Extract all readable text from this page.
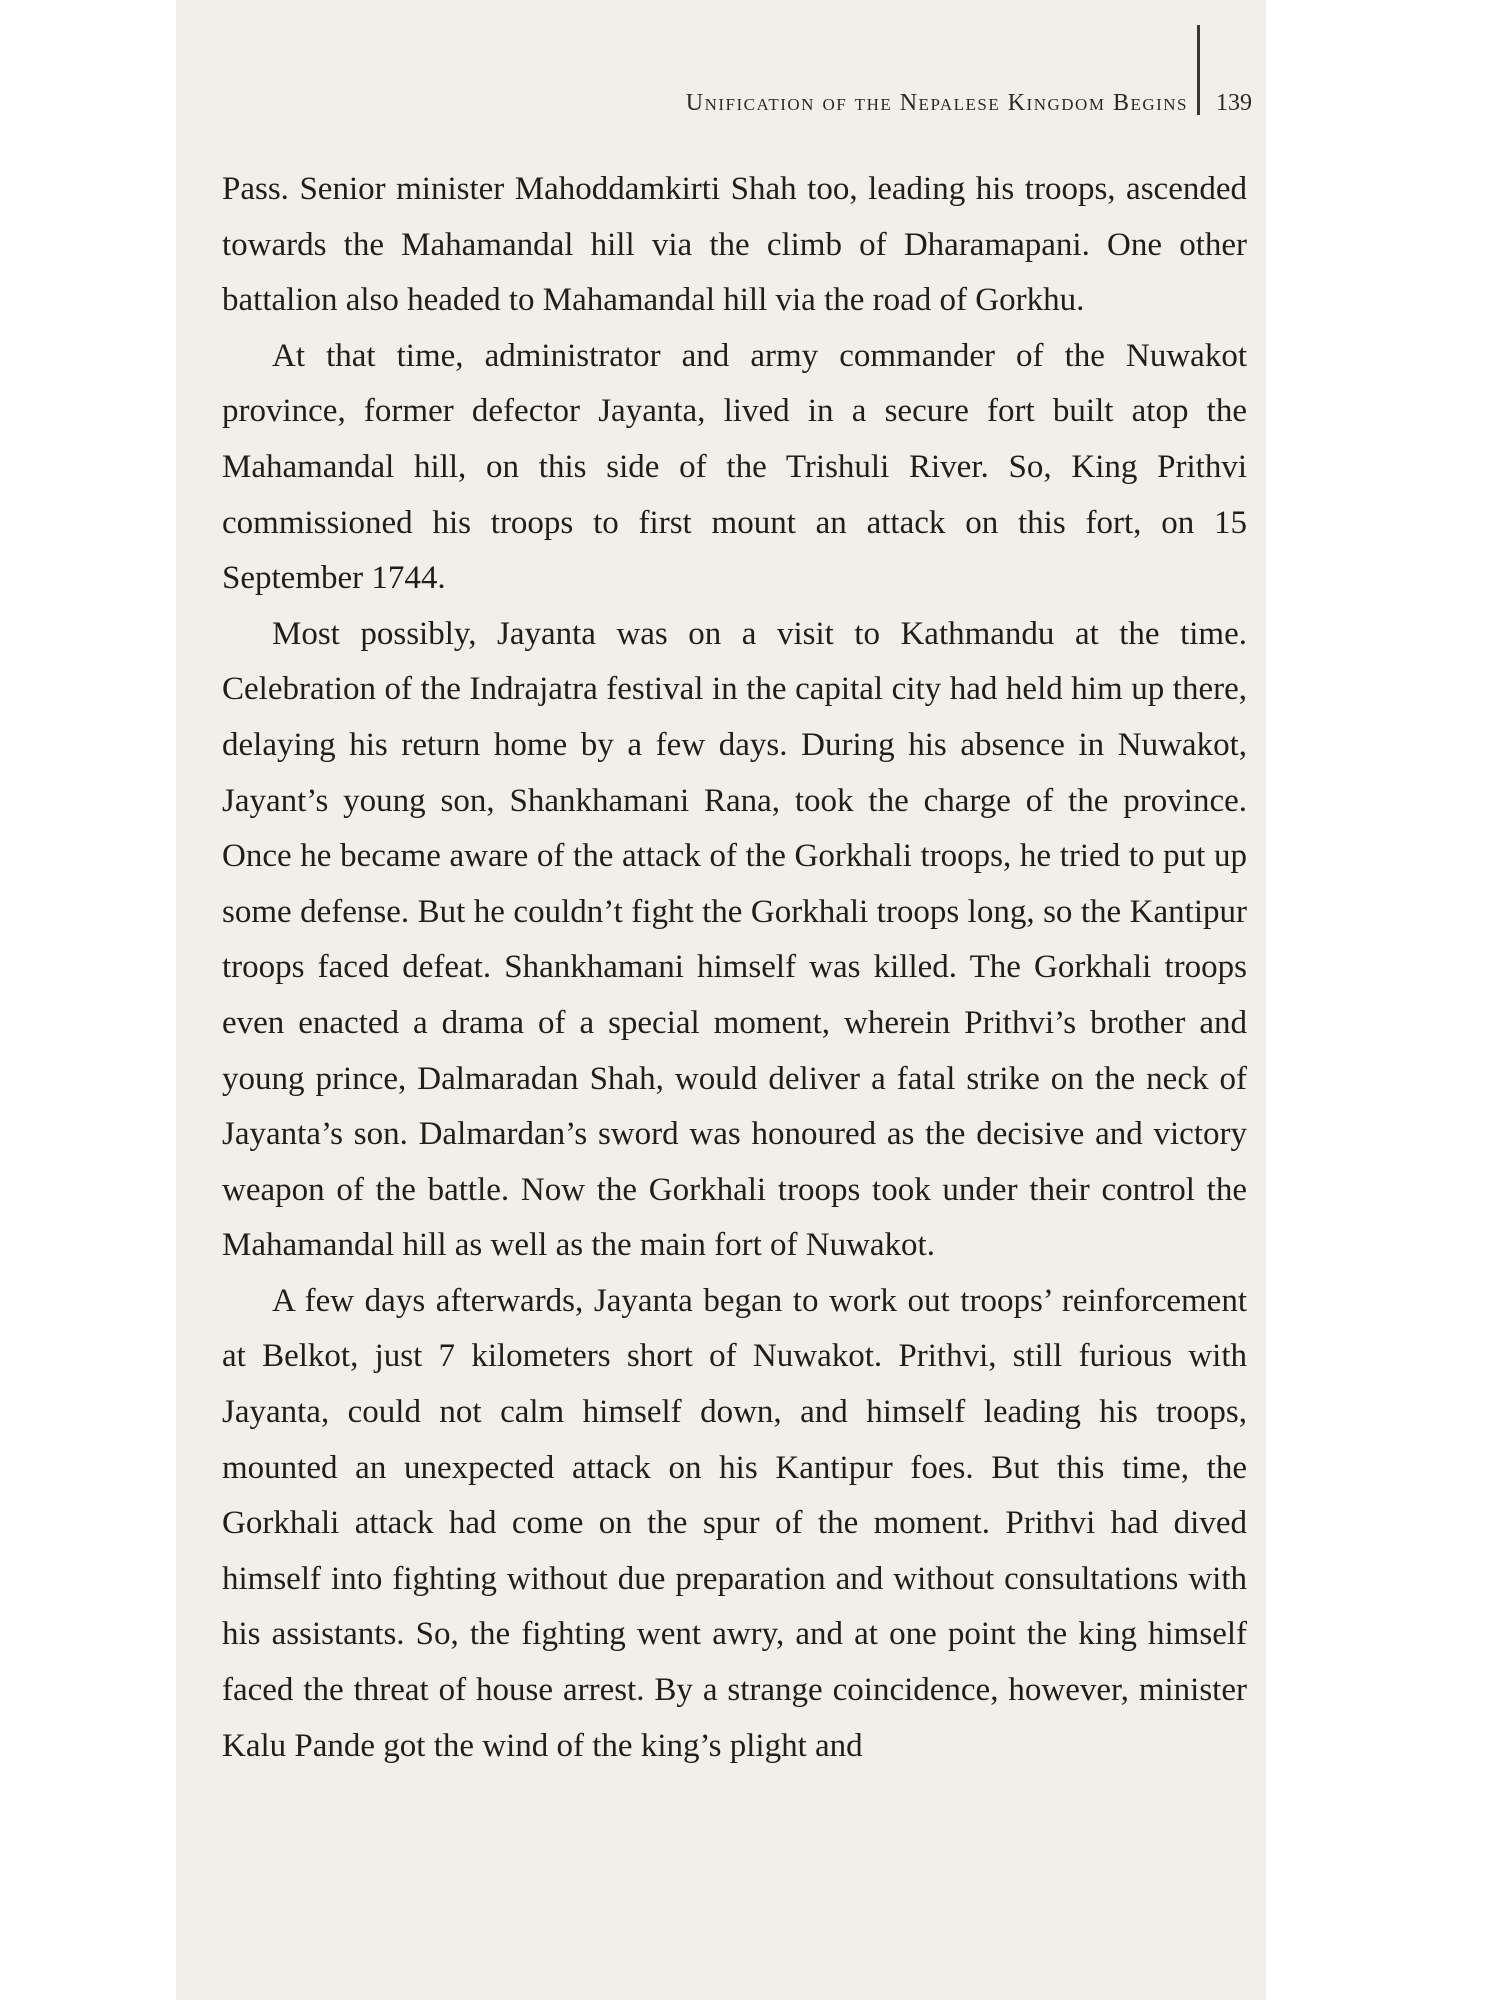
Unification of the Nepalese Kingdom Begins 139

Pass. Senior minister Mahoddamkirti Shah too, leading his troops, ascended towards the Mahamandal hill via the climb of Dharamapani. One other battalion also headed to Mahamandal hill via the road of Gorkhu.

At that time, administrator and army commander of the Nuwakot province, former defector Jayanta, lived in a secure fort built atop the Mahamandal hill, on this side of the Trishuli River. So, King Prithvi commissioned his troops to first mount an attack on this fort, on 15 September 1744.

Most possibly, Jayanta was on a visit to Kathmandu at the time. Celebration of the Indrajatra festival in the capital city had held him up there, delaying his return home by a few days. During his absence in Nuwakot, Jayant’s young son, Shankhamani Rana, took the charge of the province. Once he became aware of the attack of the Gorkhali troops, he tried to put up some defense. But he couldn’t fight the Gorkhali troops long, so the Kantipur troops faced defeat. Shankhamani himself was killed. The Gorkhali troops even enacted a drama of a special moment, wherein Prithvi’s brother and young prince, Dalmaradan Shah, would deliver a fatal strike on the neck of Jayanta’s son. Dalmardan’s sword was honoured as the decisive and victory weapon of the battle. Now the Gorkhali troops took under their control the Mahamandal hill as well as the main fort of Nuwakot.

A few days afterwards, Jayanta began to work out troops’ reinforcement at Belkot, just 7 kilometers short of Nuwakot. Prithvi, still furious with Jayanta, could not calm himself down, and himself leading his troops, mounted an unexpected attack on his Kantipur foes. But this time, the Gorkhali attack had come on the spur of the moment. Prithvi had dived himself into fighting without due preparation and without consultations with his assistants. So, the fighting went awry, and at one point the king himself faced the threat of house arrest. By a strange coincidence, however, minister Kalu Pande got the wind of the king’s plight and
